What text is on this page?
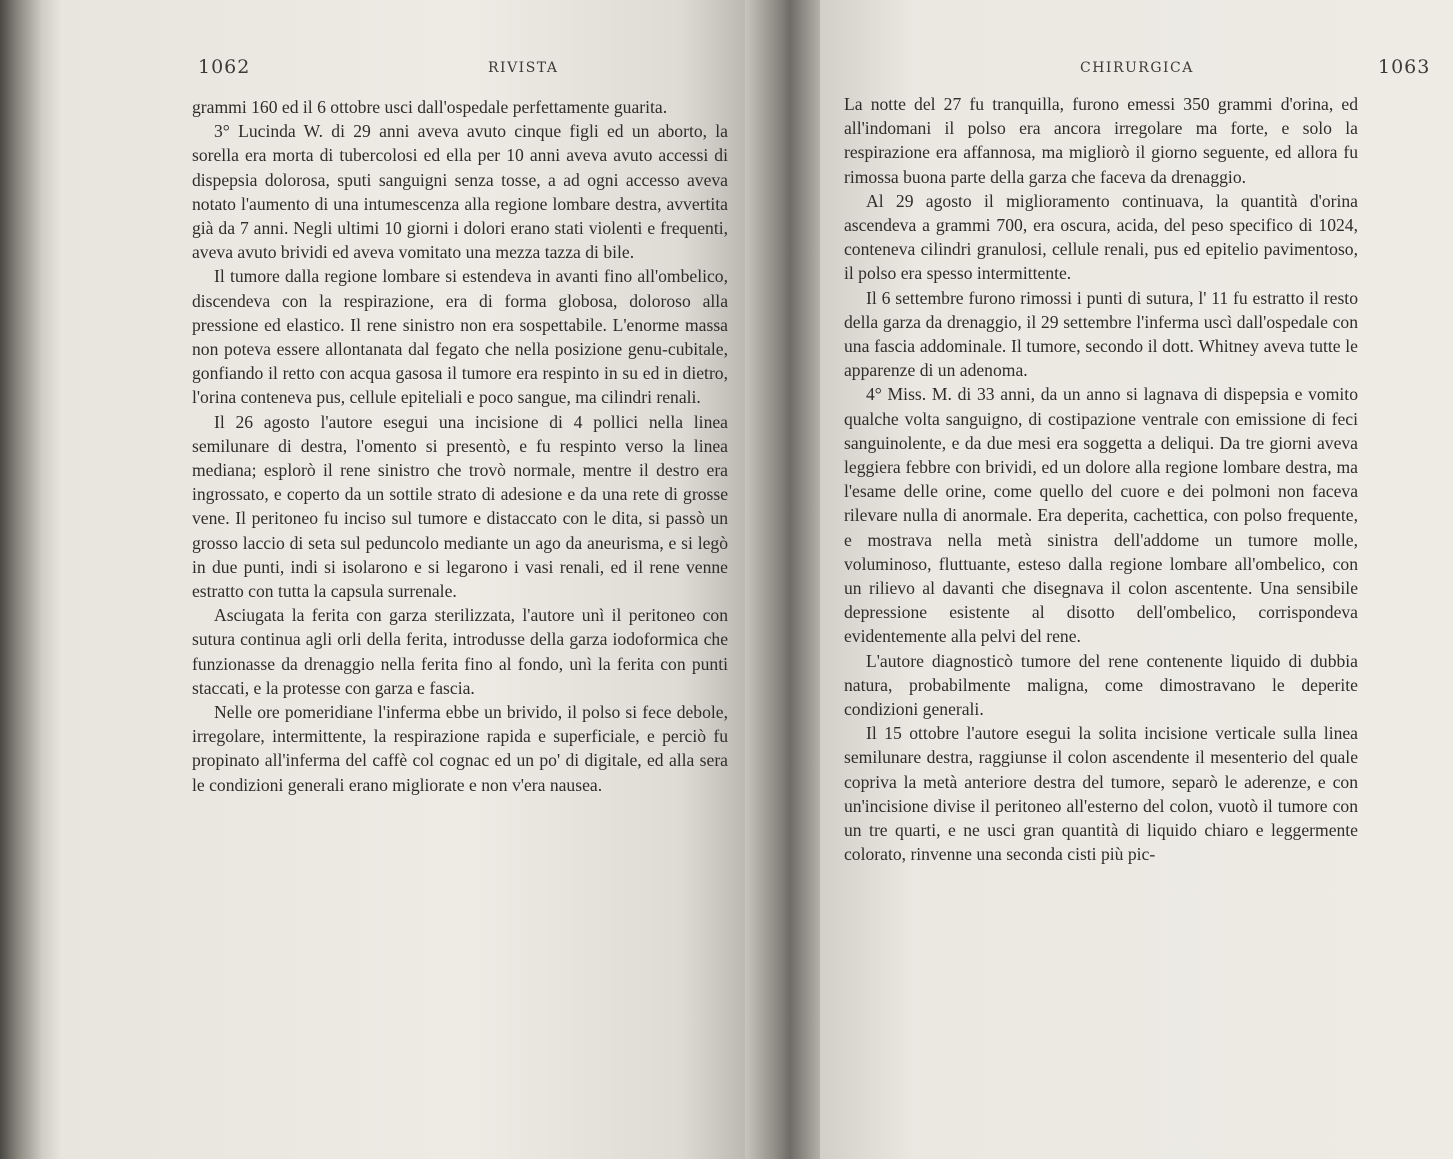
1062	RIVISTA

grammi 160 ed il 6 ottobre usci dall'ospedale perfettamente guarita.

3° Lucinda W. di 29 anni aveva avuto cinque figli ed un aborto, la sorella era morta di tubercolosi ed ella per 10 anni aveva avuto accessi di dispepsia dolorosa, sputi sanguigni senza tosse, a ad ogni accesso aveva notato l'aumento di una intumescenza alla regione lombare destra, avvertita già da 7 anni. Negli ultimi 10 giorni i dolori erano stati violenti e frequenti, aveva avuto brividi ed aveva vomitato una mezza tazza di bile.

Il tumore dalla regione lombare si estendeva in avanti fino all'ombelico, discendeva con la respirazione, era di forma globosa, doloroso alla pressione ed elastico. Il rene sinistro non era sospettabile. L'enorme massa non poteva essere allontanata dal fegato che nella posizione genu-cubitale, gonfiando il retto con acqua gasosa il tumore era respinto in su ed in dietro, l'orina conteneva pus, cellule epiteliali e poco sangue, ma cilindri renali.

Il 26 agosto l'autore esegui una incisione di 4 pollici nella linea semilunare di destra, l'omento si presentò, e fu respinto verso la linea mediana; esplorò il rene sinistro che trovò normale, mentre il destro era ingrossato, e coperto da un sottile strato di adesione e da una rete di grosse vene. Il peritoneo fu inciso sul tumore e distaccato con le dita, si passò un grosso laccio di seta sul peduncolo mediante un ago da aneurisma, e si legò in due punti, indi si isolarono e si legarono i vasi renali, ed il rene venne estratto con tutta la capsula surrenale.

Asciugata la ferita con garza sterilizzata, l'autore unì il peritoneo con sutura continua agli orli della ferita, introdusse della garza iodoformica che funzionasse da drenaggio nella ferita fino al fondo, unì la ferita con punti staccati, e la protesse con garza e fascia.

Nelle ore pomeridiane l'inferma ebbe un brivido, il polso si fece debole, irregolare, intermittente, la respirazione rapida e superficiale, e perciò fu propinato all'inferma del caffè col cognac ed un po' di digitale, ed alla sera le condizioni generali erano migliorate e non v'era nausea.

CHIRURGICA	1063

La notte del 27 fu tranquilla, furono emessi 350 grammi d'orina, ed all'indomani il polso era ancora irregolare ma forte, e solo la respirazione era affannosa, ma migliorò il giorno seguente, ed allora fu rimossa buona parte della garza che faceva da drenaggio.

Al 29 agosto il miglioramento continuava, la quantità d'orina ascendeva a grammi 700, era oscura, acida, del peso specifico di 1024, conteneva cilindri granulosi, cellule renali, pus ed epitelio pavimentoso, il polso era spesso intermittente.

Il 6 settembre furono rimossi i punti di sutura, l' 11 fu estratto il resto della garza da drenaggio, il 29 settembre l'inferma uscì dall'ospedale con una fascia addominale. Il tumore, secondo il dott. Whitney aveva tutte le apparenze di un adenoma.

4° Miss. M. di 33 anni, da un anno si lagnava di dispepsia e vomito qualche volta sanguigno, di costipazione ventrale con emissione di feci sanguinolente, e da due mesi era soggetta a deliqui. Da tre giorni aveva leggiera febbre con brividi, ed un dolore alla regione lombare destra, ma l'esame delle orine, come quello del cuore e dei polmoni non faceva rilevare nulla di anormale. Era deperita, cachettica, con polso frequente, e mostrava nella metà sinistra dell'addome un tumore molle, voluminoso, fluttuante, esteso dalla regione lombare all'ombelico, con un rilievo al davanti che disegnava il colon ascentente. Una sensibile depressione esistente al disotto dell'ombelico, corrispondeva evidentemente alla pelvi del rene.

L'autore diagnosticò tumore del rene contenente liquido di dubbia natura, probabilmente maligna, come dimostravano le deperite condizioni generali.

Il 15 ottobre l'autore esegui la solita incisione verticale sulla linea semilunare destra, raggiunse il colon ascendente il mesenterio del quale copriva la metà anteriore destra del tumore, separò le aderenze, e con un'incisione divise il peritoneo all'esterno del colon, vuotò il tumore con un tre quarti, e ne usci gran quantità di liquido chiaro e leggermente colorato, rinvenne una seconda cisti più pic-
